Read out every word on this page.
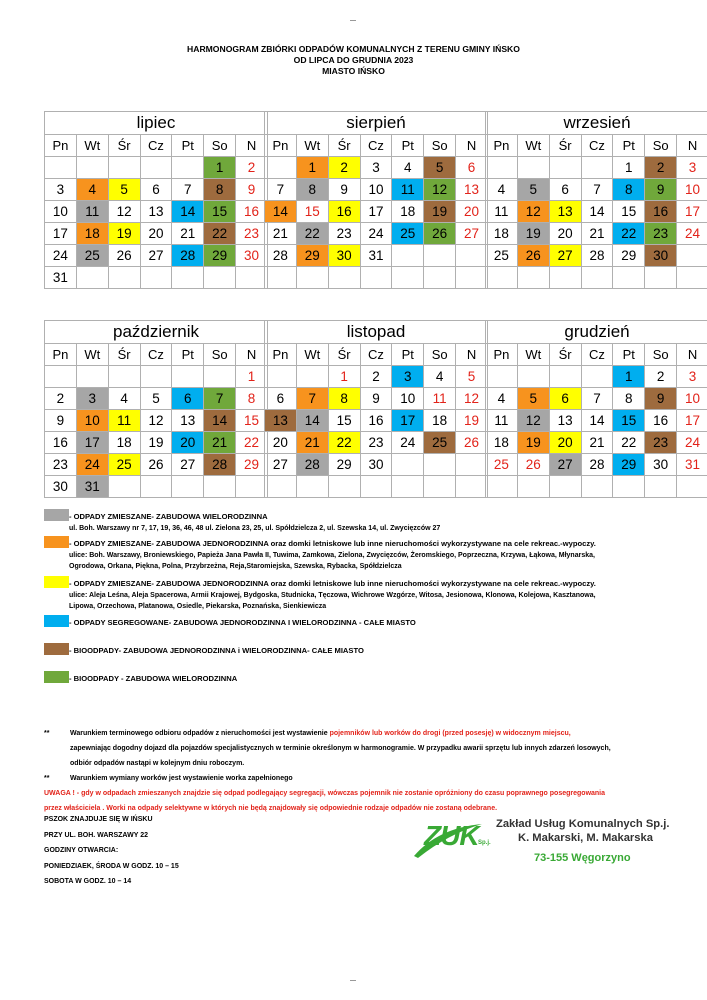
HARMONOGRAM ZBIÓRKI ODPADÓW KOMUNALNYCH Z TERENU GMINY IŃSKO
OD LIPCA DO GRUDNIA 2023
MIASTO IŃSKO
lipiec						
Pn	Wt	Śr	Cz	Pt	So	N
					1	2
3	4	5	6	7	8	9
10	11	12	13	14	15	16
17	18	19	20	21	22	23
24	25	26	27	28	29	30
31						
sierpień						
Pn	Wt	Śr	Cz	Pt	So	N
	1	2	3	4	5	6
7	8	9	10	11	12	13
14	15	16	17	18	19	20
21	22	23	24	25	26	27
28	29	30	31			

wrzesień						
Pn	Wt	Śr	Cz	Pt	So	N
				1	2	3
4	5	6	7	8	9	10
11	12	13	14	15	16	17
18	19	20	21	22	23	24
25	26	27	28	29	30	

październik						
Pn	Wt	Śr	Cz	Pt	So	N
						1
2	3	4	5	6	7	8
9	10	11	12	13	14	15
16	17	18	19	20	21	22
23	24	25	26	27	28	29
30	31					
listopad						
Pn	Wt	Śr	Cz	Pt	So	N
		1	2	3	4	5
6	7	8	9	10	11	12
13	14	15	16	17	18	19
20	21	22	23	24	25	26
27	28	29	30			

grudzień						
Pn	Wt	Śr	Cz	Pt	So	N
				1	2	3
4	5	6	7	8	9	10
11	12	13	14	15	16	17
18	19	20	21	22	23	24
25	26	27	28	29	30	31

- ODPADY ZMIESZANE- ZABUDOWA WIELORODZINNA
ul. Boh. Warszawy nr 7, 17, 19, 36, 46, 48 ul. Zielona 23, 25, ul. Spółdzielcza 2, ul. Szewska 14, ul. Zwycięzców 27
- ODPADY ZMIESZANE- ZABUDOWA JEDNORODZINNA oraz domki letniskowe lub inne nieruchomości wykorzystywane na cele rekreac.-wypoczy.
ulice: Boh. Warszawy, Broniewskiego, Papieża Jana Pawła II, Tuwima, Zamkowa, Zielona, Zwycięzców, Żeromskiego, Poprzeczna, Krzywa, Łąkowa, Młynarska,
Ogrodowa, Orkana, Piękna, Polna, Przybrzeżna, Reja,Staromiejska, Szewska, Rybacka, Spółdzielcza
- ODPADY ZMIESZANE- ZABUDOWA JEDNORODZINNA oraz domki letniskowe lub inne nieruchomości wykorzystywane na cele rekreac.-wypoczy.
ulice: Aleja Leśna, Aleja Spacerowa, Armii Krajowej, Bydgoska, Studnicka, Tęczowa, Wichrowe Wzgórze, Witosa, Jesionowa, Klonowa, Kolejowa, Kasztanowa,
Lipowa, Orzechowa, Platanowa, Osiedle, Piekarska, Poznańska, Sienkiewicza
- ODPADY SEGREGOWANE- ZABUDOWA JEDNORODZINNA I WIELORODZINNA - CAŁE MIASTO
- BIOODPADY- ZABUDOWA JEDNORODZINNA i WIELORODZINNA- CAŁE MIASTO
- BIOODPADY - ZABUDOWA WIELORODZINNA
**	Warunkiem terminowego odbioru odpadów z nieruchomości jest wystawienie pojemników lub worków do drogi (przed posesję) w widocznym miejscu,
zapewniając dogodny dojazd dla pojazdów specjalistycznych w terminie określonym w harmonogramie. W przypadku awarii sprzętu lub innych zdarzeń losowych,
odbiór odpadów nastąpi w kolejnym dniu roboczym.
**	Warunkiem wymiany worków jest wystawienie worka zapełnionego
UWAGA ! - gdy w odpadach zmieszanych znajdzie się odpad podlegający segregacji, wówczas pojemnik nie zostanie opróżniony do czasu poprawnego posegregowania
przez właściciela . Worki na odpady selektywne w których nie będą znajdowały się odpowiednie rodzaje odpadów nie zostaną odebrane.
PSZOK ZNAJDUJE SIĘ W IŃSKU
PRZY UL. BOH. WARSZAWY 22
GODZINY OTWARCIA:
PONIEDZIAEK, ŚRODA W GODZ. 10 – 15
SOBOTA W GODZ. 10 – 14
ZUK Sp.j.
Zakład Usług Komunalnych Sp.j.
K. Makarski, M. Makarska
73-155 Węgorzyno
